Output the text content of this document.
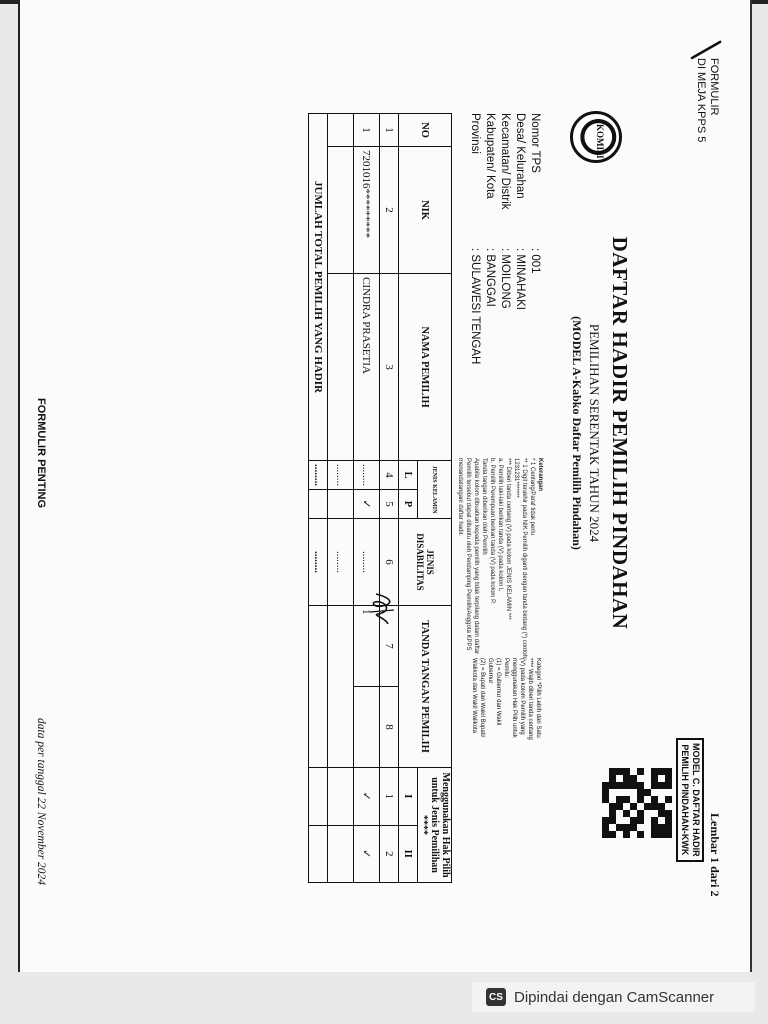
FORMULIR
DI MEJA KPPS 5
Lembar 1 dari 2
MODEL C. DAFTAR HADIR
PEMILIH PINDAHAN-KWK
KOMISI
DAFTAR HADIR PEMILIH PINDAHAN
PEMILIHAN SERENTAK TAHUN 2024
(MODEL A-Kabko Daftar Pemilih Pindahan)
Nomor TPS
: 001
Desa/ Kelurahan
: MINAHAKI
Kecamatan/ Distrik
: MOILONG
Kabupaten/ Kota
: BANGGAI
Provinsi
: SULAWESI TENGAH
Keterangan
* 1 Centang/Paraf tidak perlu
** 1 Digit terakhir pada NIK Pemilih diganti dengan tanda bintang (*) contoh:
1231231*******
*** Diberi tanda centang (V) pada kolom JENIS KELAMIN ***
a. Pemilih laki-laki berikan tanda (V) pada kolom L
b. Pemilih Perempuan berikan tanda (V) pada kolom P.
Tanda tangan diberikan oleh Pemilih
Apabila kolom dibuatkan kepada pemilih yang tidak terpilang dalam daftar
Pemilih tersebut dapat dibantu oleh Pendamping Pemilih/Anggota KPPS
menandatangani daftar hadir.
Kategori *Pilih Lebih dari Satu
**** Wajib diberi tanda centang
(V) pada kolom Pemilih yang
menggunakan Hak Pilih untuk
Pemilu:
(1) = Gubernur dan Wakil
Gubernur
(2) = Bupati dan Wakil Bupati/
Walikota dan Wakil Walikota
NO	NIK	NAMA PEMILIH	JENIS KELAMIN		JENIS DISABILITAS	TANDA TANGAN PEMILIH		Menggunakan Hak Pilih untuk Jenis Pemilihan ****	
			L	P				I	II
1	2	3	4	5	6	7	8	1	2
1	7201016*********	CINDRA PRASETIA	........	✓	........	1		✓	✓
			........		........				
JUMLAH TOTAL PEMILIH YANG HADIR			........		........				
FORMULIR PENTING
data per tanggal 22 November 2024
CS Dipindai dengan CamScanner
